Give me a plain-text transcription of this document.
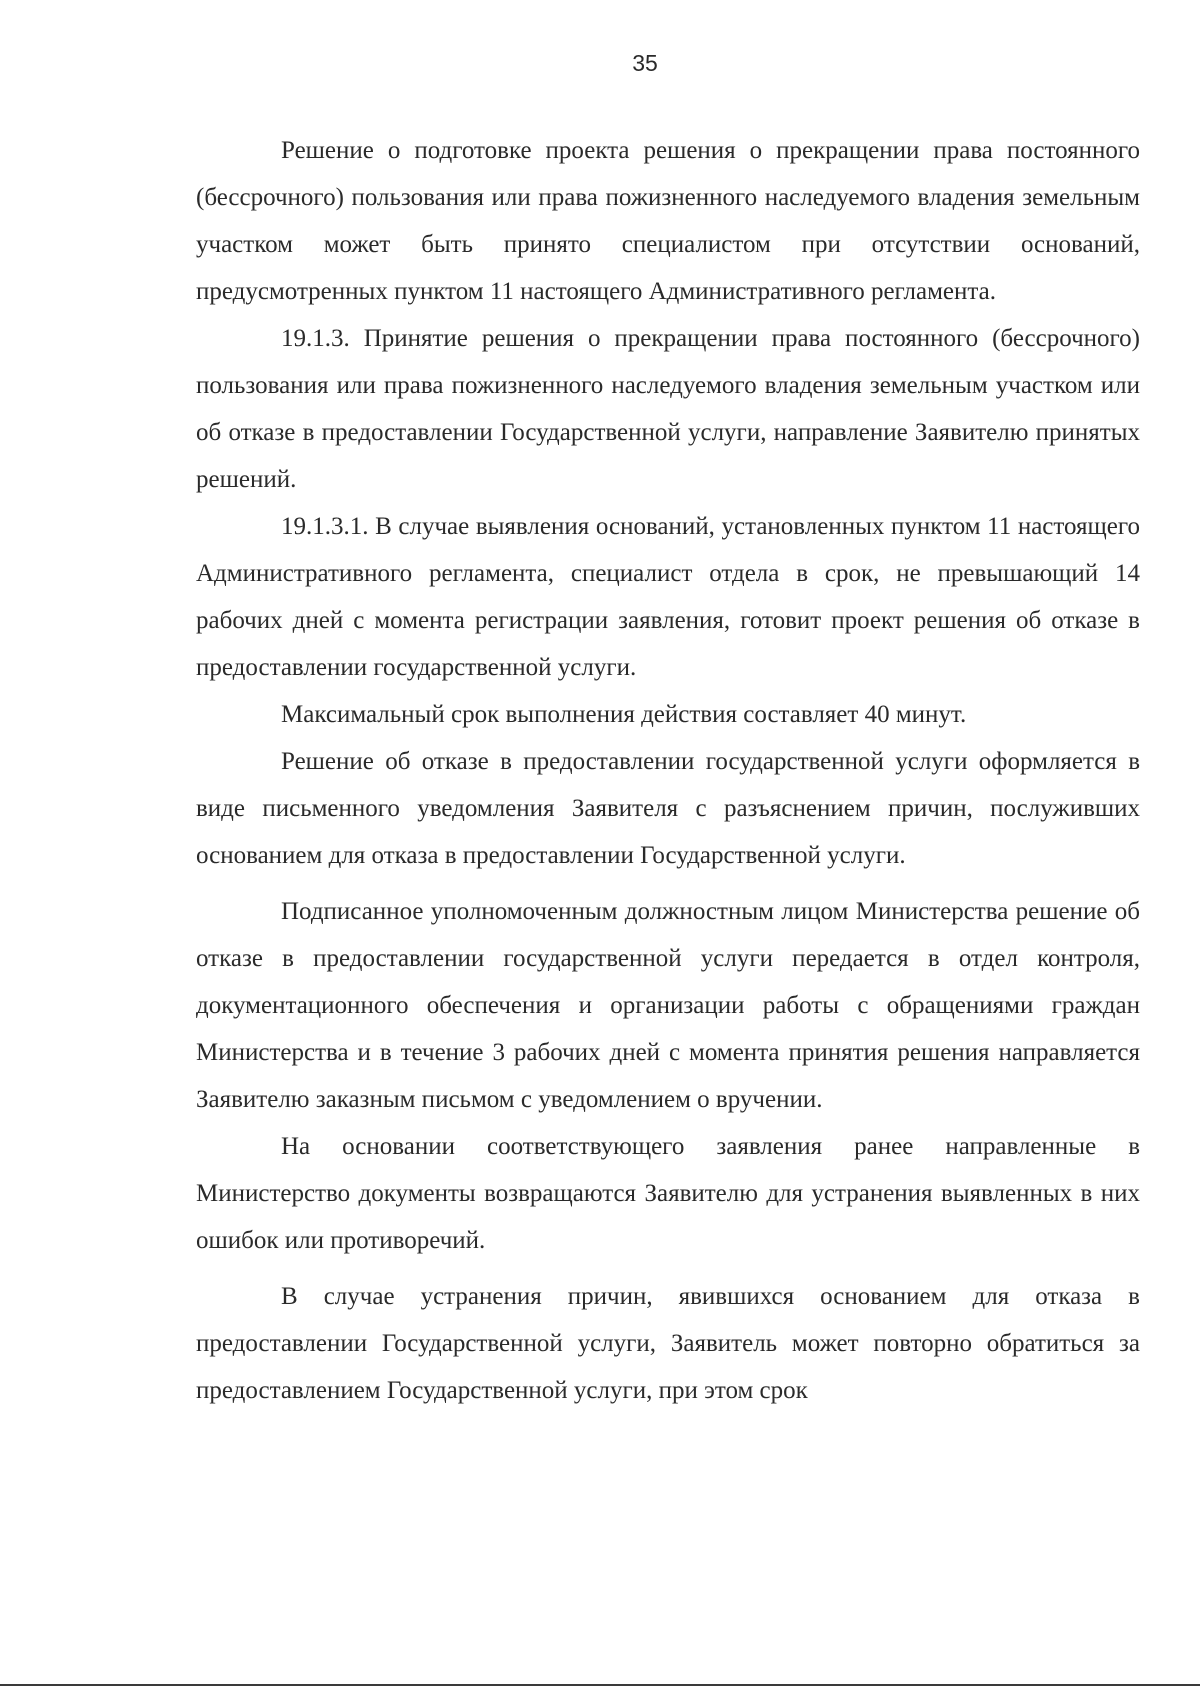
35

Решение о подготовке проекта решения о прекращении права постоянного (бессрочного) пользования или права пожизненного наследуемого владения земельным участком может быть принято специалистом при отсутствии оснований, предусмотренных пунктом 11 настоящего Административного регламента.

19.1.3. Принятие решения о прекращении права постоянного (бессрочного) пользования или права пожизненного наследуемого владения земельным участком или об отказе в предоставлении Государственной услуги, направление Заявителю принятых решений.

19.1.3.1. В случае выявления оснований, установленных пунктом 11 настоящего Административного регламента, специалист отдела в срок, не превышающий 14 рабочих дней с момента регистрации заявления, готовит проект решения об отказе в предоставлении государственной услуги.

Максимальный срок выполнения действия составляет 40 минут.

Решение об отказе в предоставлении государственной услуги оформляется в виде письменного уведомления Заявителя с разъяснением причин, послуживших основанием для отказа в предоставлении Государственной услуги.

Подписанное уполномоченным должностным лицом Министерства решение об отказе в предоставлении государственной услуги передается в отдел контроля, документационного обеспечения и организации работы с обращениями граждан Министерства и в течение 3 рабочих дней с момента принятия решения направляется Заявителю заказным письмом с уведомлением о вручении.

На основании соответствующего заявления ранее направленные в Министерство документы возвращаются Заявителю для устранения выявленных в них ошибок или противоречий.

В случае устранения причин, явившихся основанием для отказа в предоставлении Государственной услуги, Заявитель может повторно обратиться за предоставлением Государственной услуги, при этом срок
